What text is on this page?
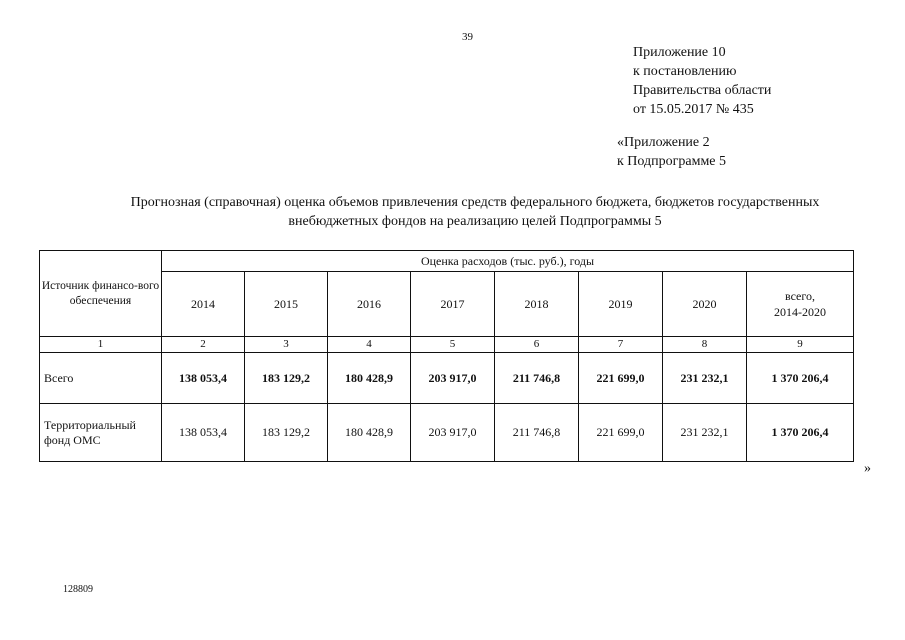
39
Приложение 10
к постановлению
Правительства области
от 15.05.2017 № 435
«Приложение 2
к Подпрограмме 5
Прогнозная (справочная) оценка объемов привлечения средств федерального бюджета, бюджетов государственных
внебюджетных фондов на реализацию целей Подпрограммы 5
Источник финансо-вого обеспечения	Оценка расходов (тыс. руб.), годы							
	2014	2015	2016	2017	2018	2019	2020	всего,
2014-2020

1	2	3	4	5	6	7	8	9
Всего	138 053,4	183 129,2	180 428,9	203 917,0	211 746,8	221 699,0	231 232,1	1 370 206,4
Территориальный фонд ОМС	138 053,4	183 129,2	180 428,9	203 917,0	211 746,8	221 699,0	231 232,1	1 370 206,4
»
128809
